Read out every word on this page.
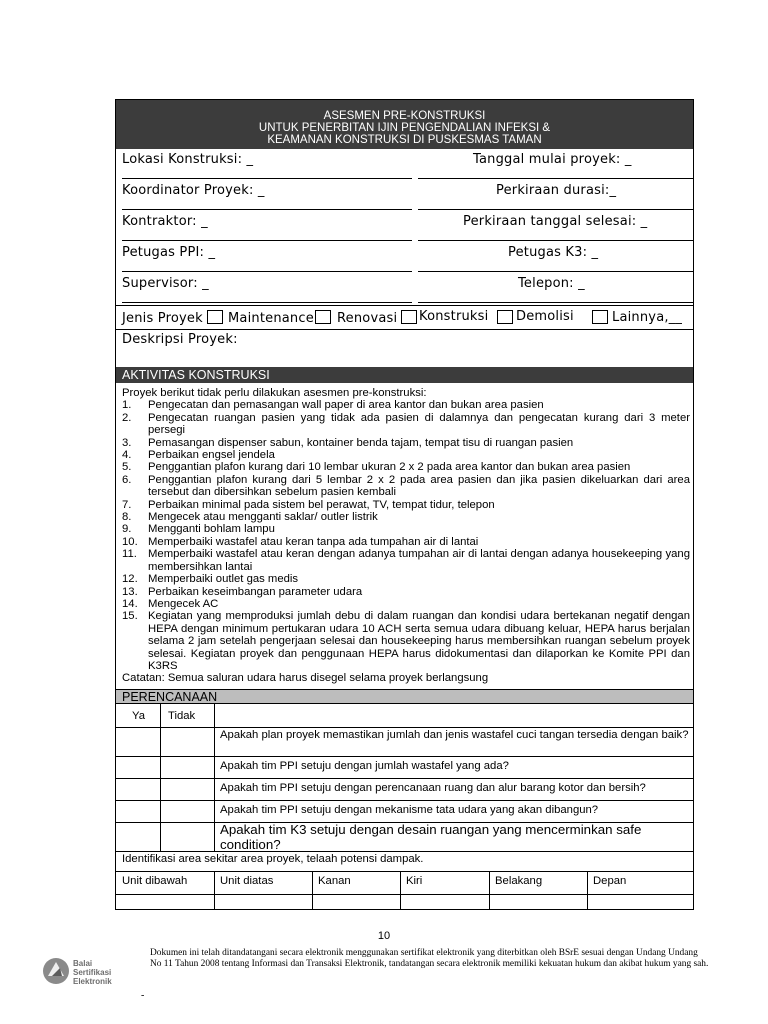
ASESMEN PRE-KONSTRUKSI
UNTUK PENERBITAN IJIN PENGENDALIAN INFEKSI &
KEAMANAN KONSTRUKSI DI PUSKESMAS TAMAN
Lokasi Konstruksi: _	Tanggal mulai proyek: _
Koordinator Proyek: _	Perkiraan durasi:_
Kontraktor: _	Perkiraan tanggal selesai: _
Petugas PPI: _	Petugas K3: _
Supervisor: _	Telepon: _
Jenis Proyek Maintenance Renovasi Konstruksi Demolisi	Lainnya,__
Deskripsi Proyek:
AKTIVITAS KONSTRUKSI
Proyek berikut tidak perlu dilakukan asesmen pre-konstruksi:
1.	Pengecatan dan pemasangan wall paper di area kantor dan bukan area pasien
2.	Pengecatan ruangan pasien yang tidak ada pasien di dalamnya dan pengecatan kurang dari 3 meter persegi
3.	Pemasangan dispenser sabun, kontainer benda tajam, tempat tisu di ruangan pasien
4.	Perbaikan engsel jendela
5.	Penggantian plafon kurang dari 10 lembar ukuran 2 x 2 pada area kantor dan bukan area pasien
6.	Penggantian plafon kurang dari 5 lembar 2 x 2 pada area pasien dan jika pasien dikeluarkan dari area tersebut dan dibersihkan sebelum pasien kembali
7.	Perbaikan minimal pada sistem bel perawat, TV, tempat tidur, telepon
8.	Mengecek atau mengganti saklar/ outler listrik
9.	Mengganti bohlam lampu
10. Memperbaiki wastafel atau keran tanpa ada tumpahan air di lantai
11. Memperbaiki wastafel atau keran dengan adanya tumpahan air di lantai dengan adanya housekeeping yang membersihkan lantai
12. Memperbaiki outlet gas medis
13. Perbaikan keseimbangan parameter udara
14. Mengecek AC
15. Kegiatan yang memproduksi jumlah debu di dalam ruangan dan kondisi udara bertekanan negatif dengan HEPA dengan minimum pertukaran udara 10 ACH serta semua udara dibuang keluar, HEPA harus berjalan selama 2 jam setelah pengerjaan selesai dan housekeeping harus membersihkan ruangan sebelum proyek selesai. Kegiatan proyek dan penggunaan HEPA harus didokumentasi dan dilaporkan ke Komite PPI dan K3RS
Catatan: Semua saluran udara harus disegel selama proyek berlangsung
PERENCANAAN
Ya Tidak
Apakah plan proyek memastikan jumlah dan jenis wastafel cuci tangan tersedia dengan baik?
Apakah tim PPI setuju dengan jumlah wastafel yang ada?
Apakah tim PPI setuju dengan perencanaan ruang dan alur barang kotor dan bersih?
Apakah tim PPI setuju dengan mekanisme tata udara yang akan dibangun?
Apakah tim K3 setuju dengan desain ruangan yang mencerminkan safe condition?
Identifikasi area sekitar area proyek, telaah potensi dampak.
Unit dibawah	Unit diatas	Kanan	Kiri	Belakang	Depan
10
Balai
Sertifikasi
Elektronik
Dokumen ini telah ditandatangani secara elektronik menggunakan sertifikat elektronik yang diterbitkan oleh BSrE sesuai dengan Undang Undang No 11 Tahun 2008 tentang Informasi dan Transaksi Elektronik, tandatangan secara elektronik memiliki kekuatan hukum dan akibat hukum yang sah.
-
